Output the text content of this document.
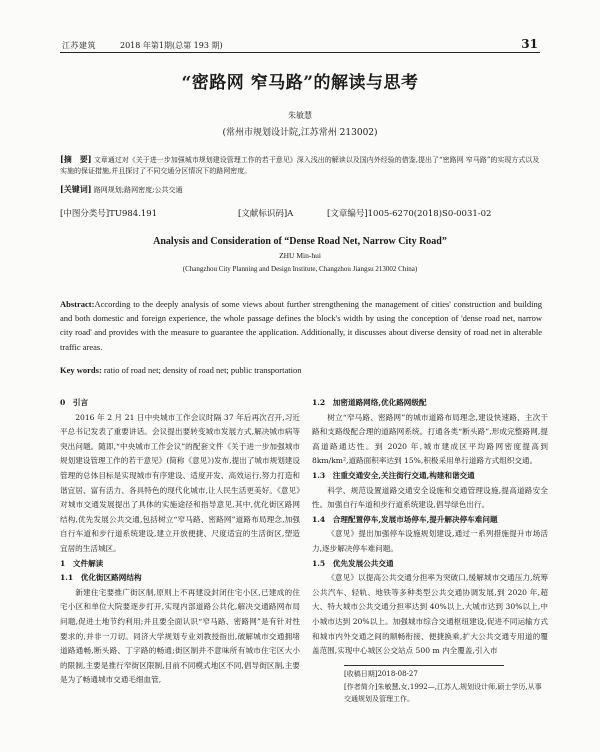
江苏建筑	2018 年第1期(总第 193 期)	31
“密路网 窄马路”的解读与思考
朱敏慧
(常州市规划设计院,江苏常州 213002)
[摘　要] 文章通过对《关于进一步加强城市规划建设管理工作的若干意见》深入浅出的解读以及国内外经验的借鉴,提出了“密路网 窄马路”的实现方式以及实施的保证措施,并且探讨了不同交通分区情况下的路网密度。
[关键词] 路网规划;路网密度;公共交通
[中图分类号]TU984.191	[文献标识码]A	[文章编号]1005-6270(2018)S0-0031-02
Analysis and Consideration of “Dense Road Net, Narrow City Road”
ZHU Min-hui
(Changzhou City Planning and Design Institute, Changzhou Jiangsu 213002 China)
Abstract:According to the deeply analysis of some views about further strengthening the management of cities' construction and building and both domestic and foreign experience, the whole passage defines the block's width by using the conception of 'dense road net, narrow city road' and provides with the measure to guarantee the application. Additionally, it discusses about diverse density of road net in alterable traffic areas.
Key words: ratio of road net; density of road net; public transportation
0　引言

2016 年 2 月 21 日中央城市工作会议时隔 37 年后再次召开,习近平总书记发表了重要讲话。会议提出要转变城市发展方式,解决城市病等突出问题。随即,“中央城市工作会议”的配套文件《关于进一步加强城市规划建设管理工作的若干意见》(简称《意见》)发布,提出了城市规划建设管理的总体目标是实现城市有序建设、适度开发、高效运行,努力打造和谐宜居、富有活力、各具特色的现代化城市,让人民生活更美好。《意见》对城市交通发展提出了具体的实施途径和指导意见,其中,优化街区路网结构,优先发展公共交通,包括树立“窄马路、密路网”道路布局理念,加强自行车道和步行道系统建设,建立开放便捷、尺度适宜的生活街区,塑造宜居的生活城区。

1　文件解读
1.1　优化街区路网结构

新建住宅要推广街区制,原则上不再建设封闭住宅小区,已建成的住宅小区和单位大院要逐步打开,实现内部道路公共化,解决交通路网布局问题,促进土地节约利用;并且要全面认识“窄马路、密路网”是有针对性要求的,并非一刀切。同济大学规划专业刘教授指出,破解城市交通拥堵道路通畅,断头路、丁字路的畅通;街区制并不意味所有城市住宅区大小的限制,主要是推行窄街区限制,目前不同模式地区不同,倡导街区制,主要是为了畅通城市交通毛细血管,

1.2　加密道路网络,优化路网级配

树立“窄马路、密路网”的城市道路布局理念,建设快速路、主次干路和支路级配合理的道路网系统。打通各类“断头路”,形成完整路网,提高道路通达性。到 2020 年,城市建成区平均路网密度提高到 8km/km²,道路面积率达到 15%,积极采用单行道路方式组织交通。

1.3　注重交通安全,关注街行交通,构建和谐交通

科学、规范设置道路交通安全设施和交通管理设施,提高道路安全性。加强自行车道和步行道系统建设,倡导绿色出行。

1.4　合理配置停车,发展市场停车,提升解决停车难问题

《意见》提出加强停车设施规划建设,通过一系列措施提升市场活力,逐步解决停车难问题。

1.5　优先发展公共交通

《意见》以提高公共交通分担率为突破口,缓解城市交通压力,统筹公共汽车、轻轨、地铁等多种类型公共交通协调发展,到 2020 年,超大、特大城市公共交通分担率达到 40%以上,大城市达到 30%以上,中小城市达到 20%以上。加强城市综合交通枢纽建设,促进不同运输方式和城市内外交通之间的顺畅衔接、便捷换乘,扩大公共交通专用道的覆盖范围,实现中心城区公交站点 500 m 内全覆盖,引入市

[收稿日期]2018-08-27
[作者简介]朱敏慧,女,1992—,江苏人,规划设计师,硕士学历,从事交通规划及管理工作。
